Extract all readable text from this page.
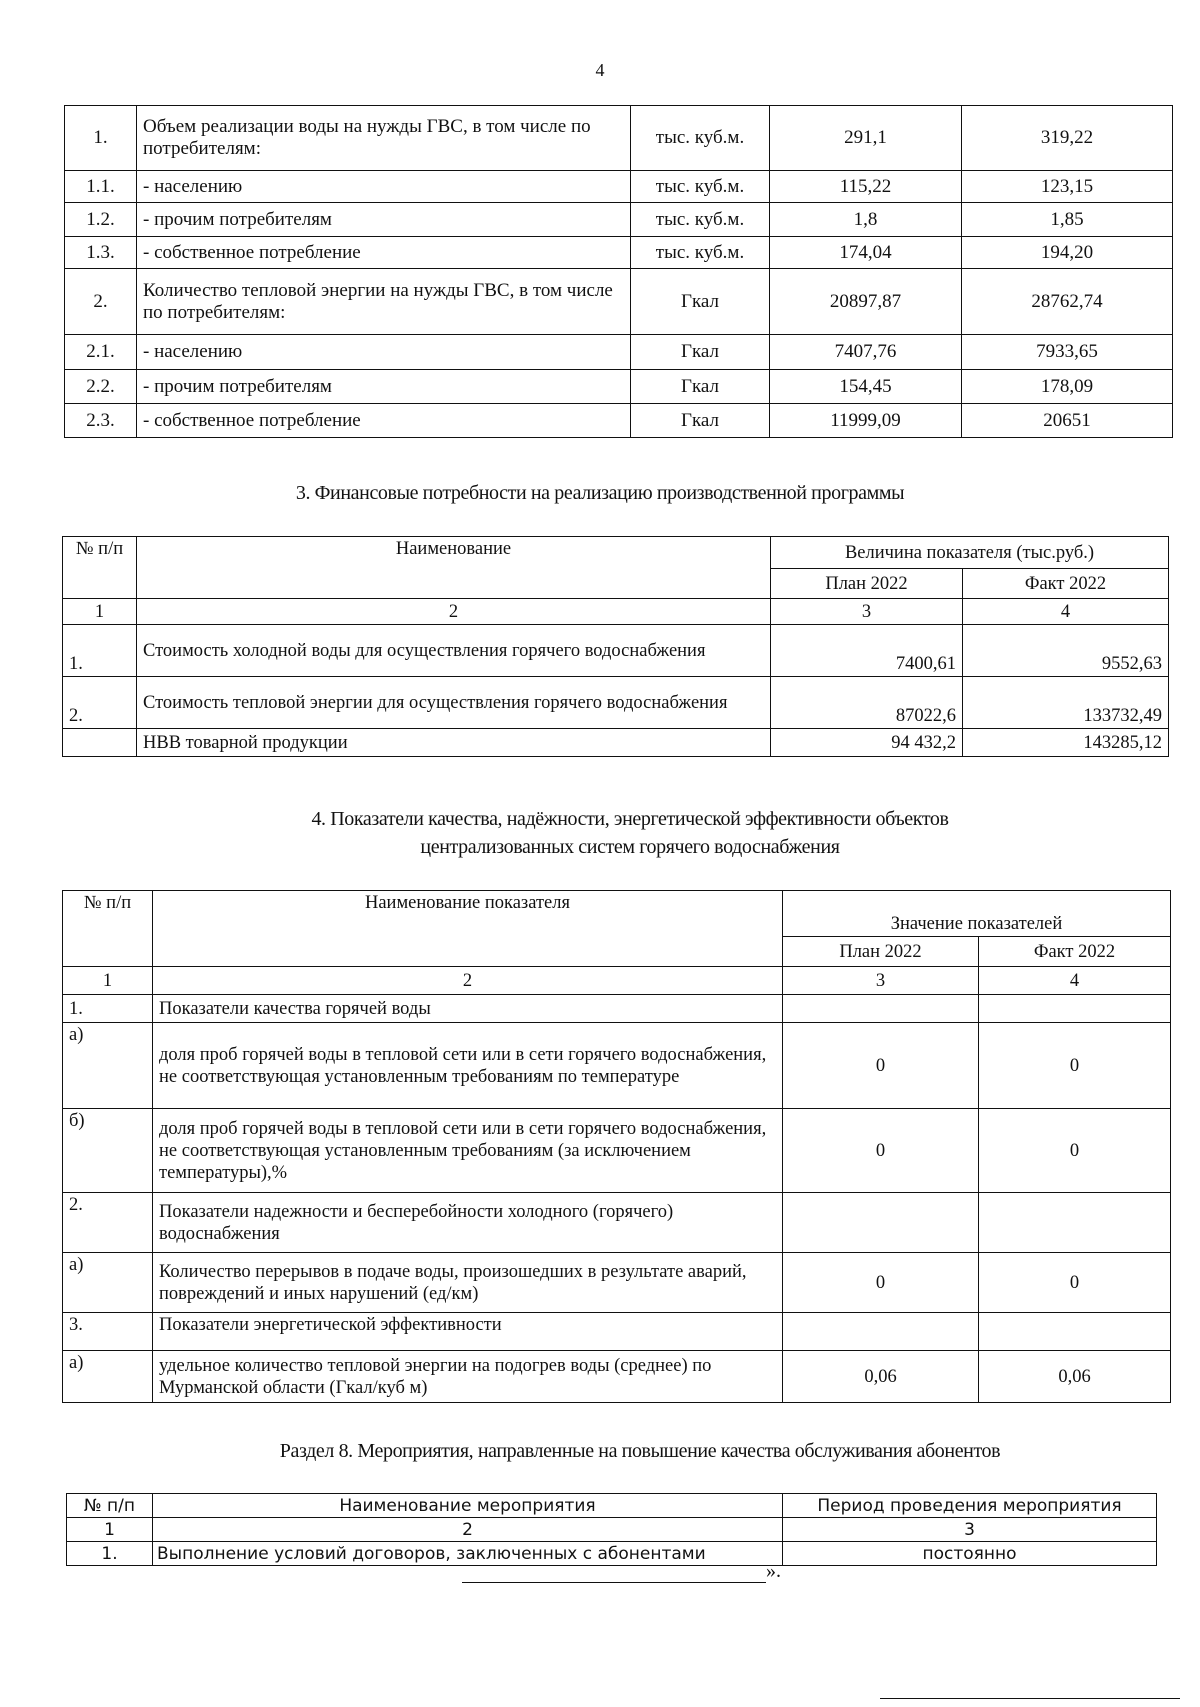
4
1.	Объем реализации воды на нужды ГВС, в том числе по потребителям:	тыс. куб.м.	291,1	319,22
1.1.	- населению	тыс. куб.м.	115,22	123,15
1.2.	- прочим потребителям	тыс. куб.м.	1,8	1,85
1.3.	- собственное потребление	тыс. куб.м.	174,04	194,20
2.	Количество тепловой энергии на нужды ГВС, в том числе по потребителям:	Гкал	20897,87	28762,74
2.1.	- населению	Гкал	7407,76	7933,65
2.2.	- прочим потребителям	Гкал	154,45	178,09
2.3.	- собственное потребление	Гкал	11999,09	20651
3. Финансовые потребности на реализацию производственной программы
№ п/п	Наименование	Величина показателя (тыс.руб.)	
		План 2022	Факт 2022
1	2	3	4
1.	Стоимость холодной воды для осуществления горячего водоснабжения	7400,61	9552,63
2.	Стоимость тепловой энергии для осуществления горячего водоснабжения	87022,6	133732,49
	НВВ товарной продукции	94 432,2	143285,12
4. Показатели качества, надёжности, энергетической эффективности объектов
централизованных систем горячего водоснабжения
№ п/п	Наименование показателя	Значение показателей	
		План 2022	Факт 2022
1	2	3	4
1.	Показатели качества горячей воды		
а)	доля проб горячей воды в тепловой сети или в сети горячего водоснабжения, не соответствующая установленным требованиям по температуре	0	0
б)	доля проб горячей воды в тепловой сети или в сети горячего водоснабжения, не соответствующая установленным требованиям (за исключением температуры),%	0	0
2.	Показатели надежности и бесперебойности холодного (горячего) водоснабжения		
а)	Количество перерывов в подаче воды, произошедших в результате аварий, повреждений и иных нарушений (ед/км)	0	0
3.	Показатели энергетической эффективности		
а)	удельное количество тепловой энергии на подогрев воды (среднее) по Мурманской области (Гкал/куб м)	0,06	0,06
Раздел 8. Мероприятия, направленные на повышение качества обслуживания абонентов
№ п/п	Наименование мероприятия	Период проведения мероприятия
1	2	3
1.	Выполнение условий договоров, заключенных с абонентами	постоянно
».
